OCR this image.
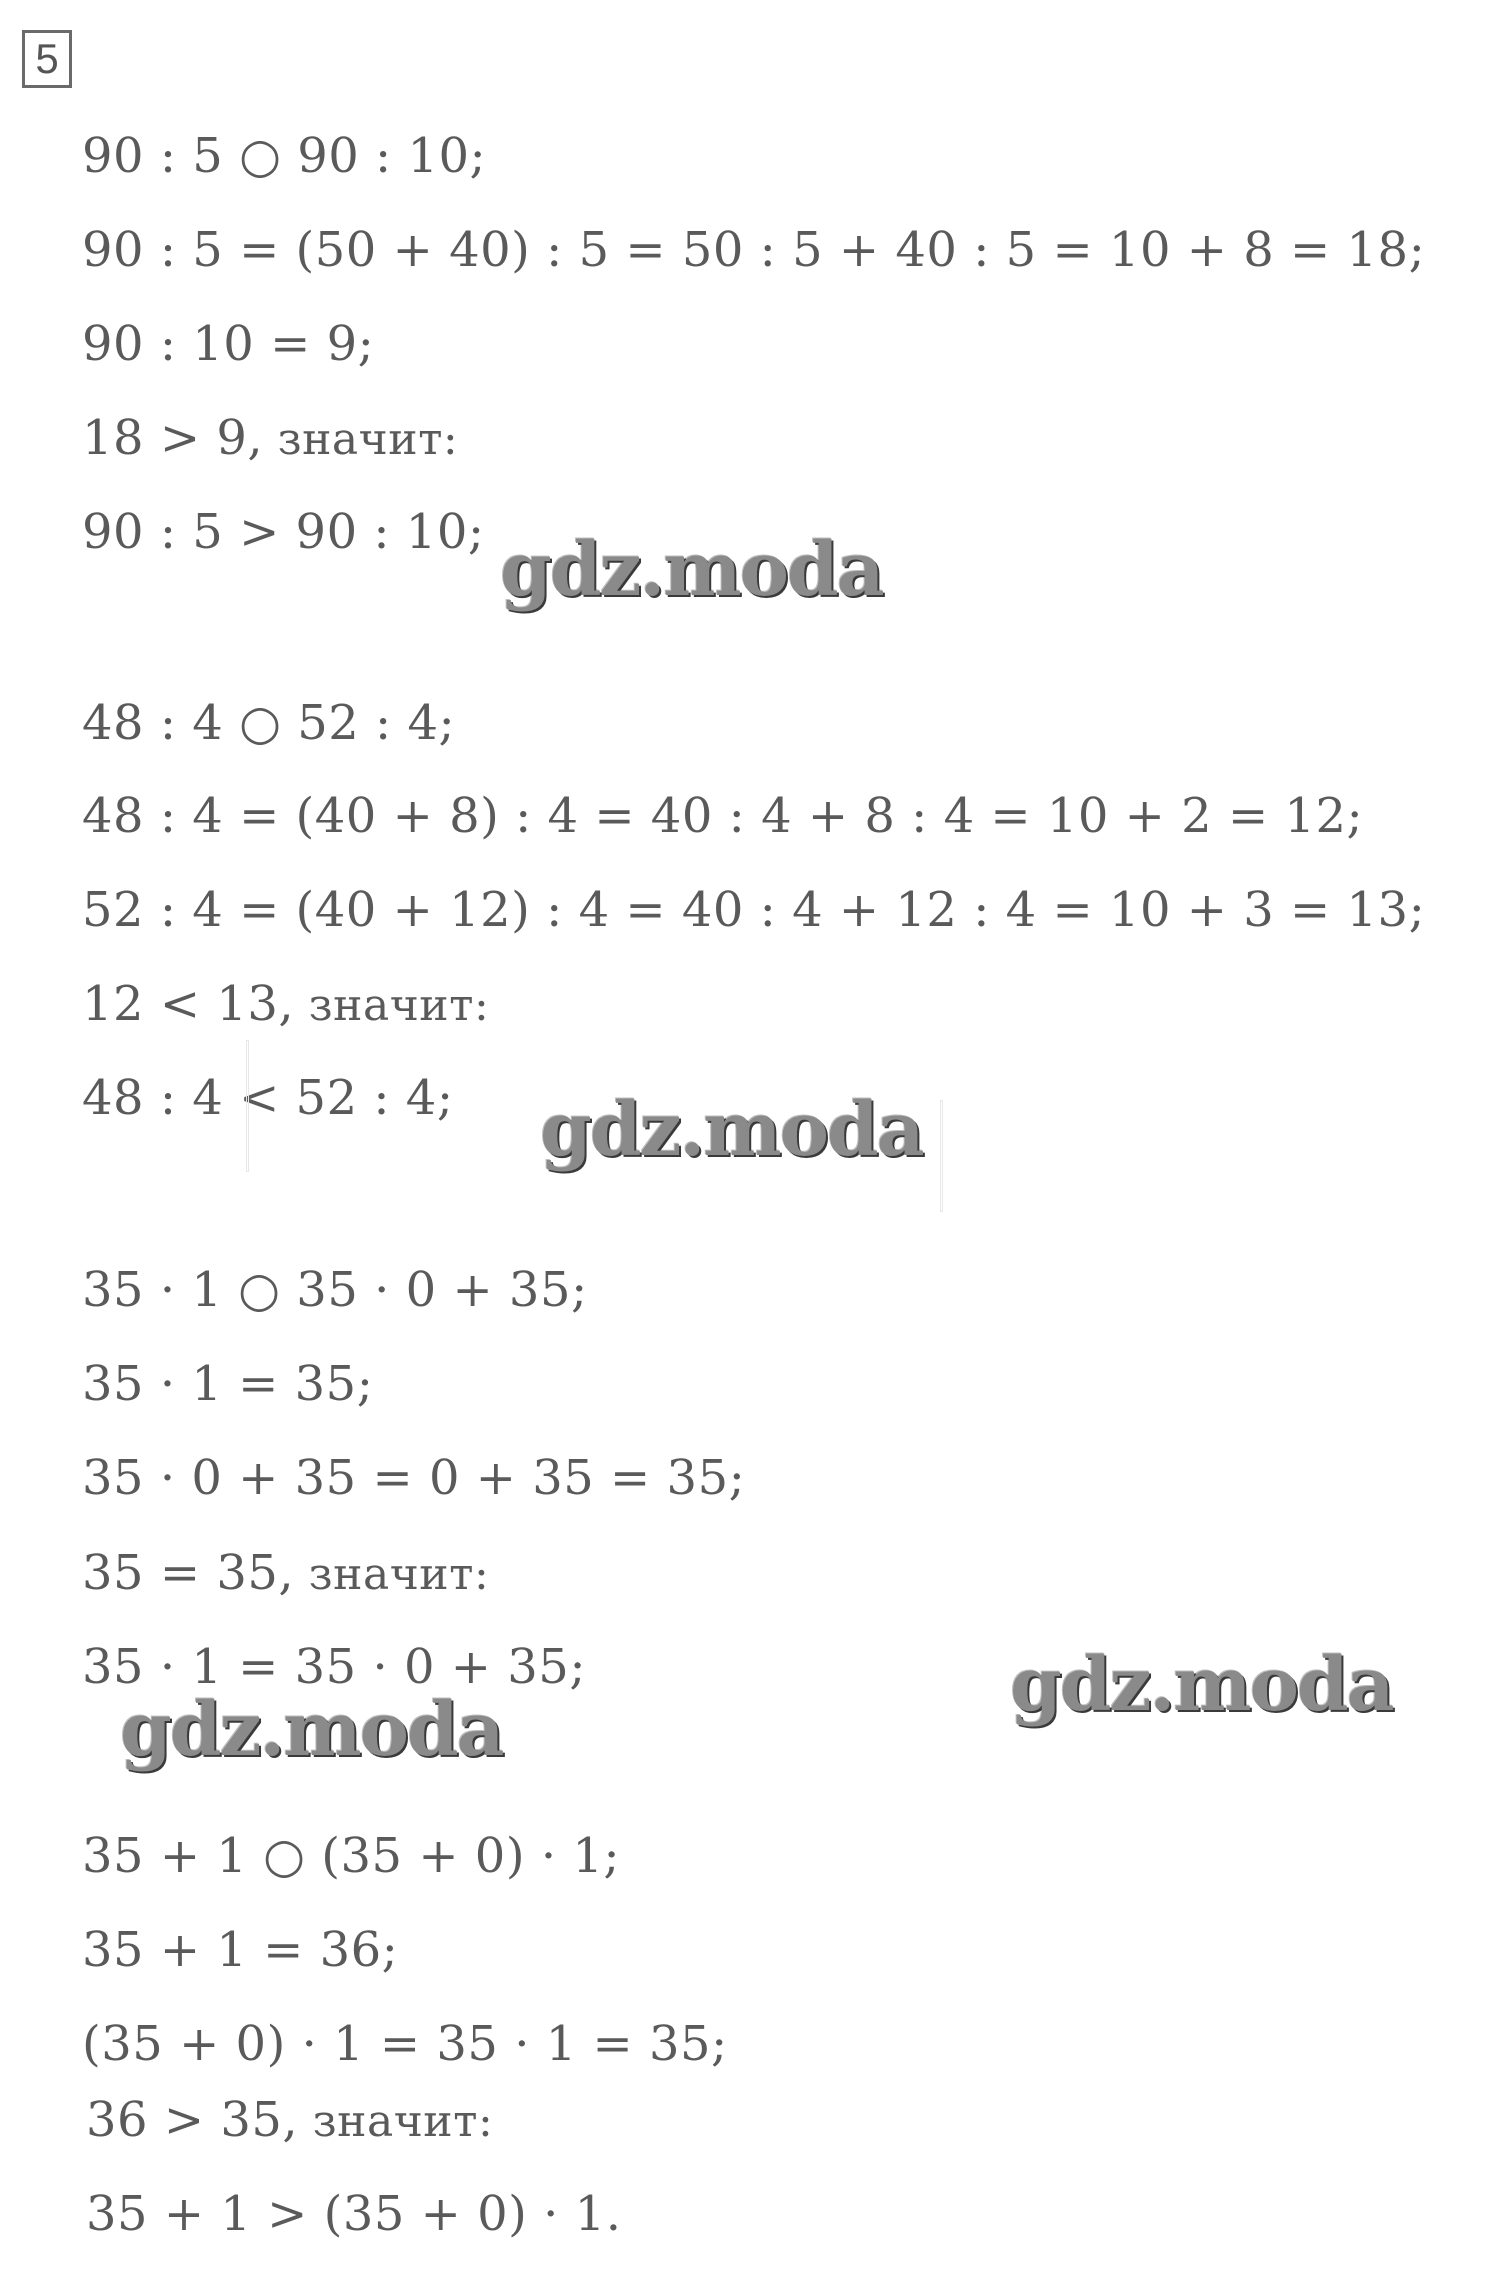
5
90 : 5 ○ 90 : 10;
90 : 5 = (50 + 40) : 5 = 50 : 5 + 40 : 5 = 10 + 8 = 18;
90 : 10 = 9;
18 > 9, значит:
90 : 5 > 90 : 10;
48 : 4 ○ 52 : 4;
48 : 4 = (40 + 8) : 4 = 40 : 4 + 8 : 4 = 10 + 2 = 12;
52 : 4 = (40 + 12) : 4 = 40 : 4 + 12 : 4 = 10 + 3 = 13;
12 < 13, значит:
48 : 4 < 52 : 4;
35 · 1 ○ 35 · 0 + 35;
35 · 1 = 35;
35 · 0 + 35 = 0 + 35 = 35;
35 = 35, значит:
35 · 1 = 35 · 0 + 35;
35 + 1 ○ (35 + 0) · 1;
35 + 1 = 36;
(35 + 0) · 1 = 35 · 1 = 35;
36 > 35, значит:
35 + 1 > (35 + 0) · 1.
gdz.moda
gdz.moda
gdz.moda
gdz.moda
